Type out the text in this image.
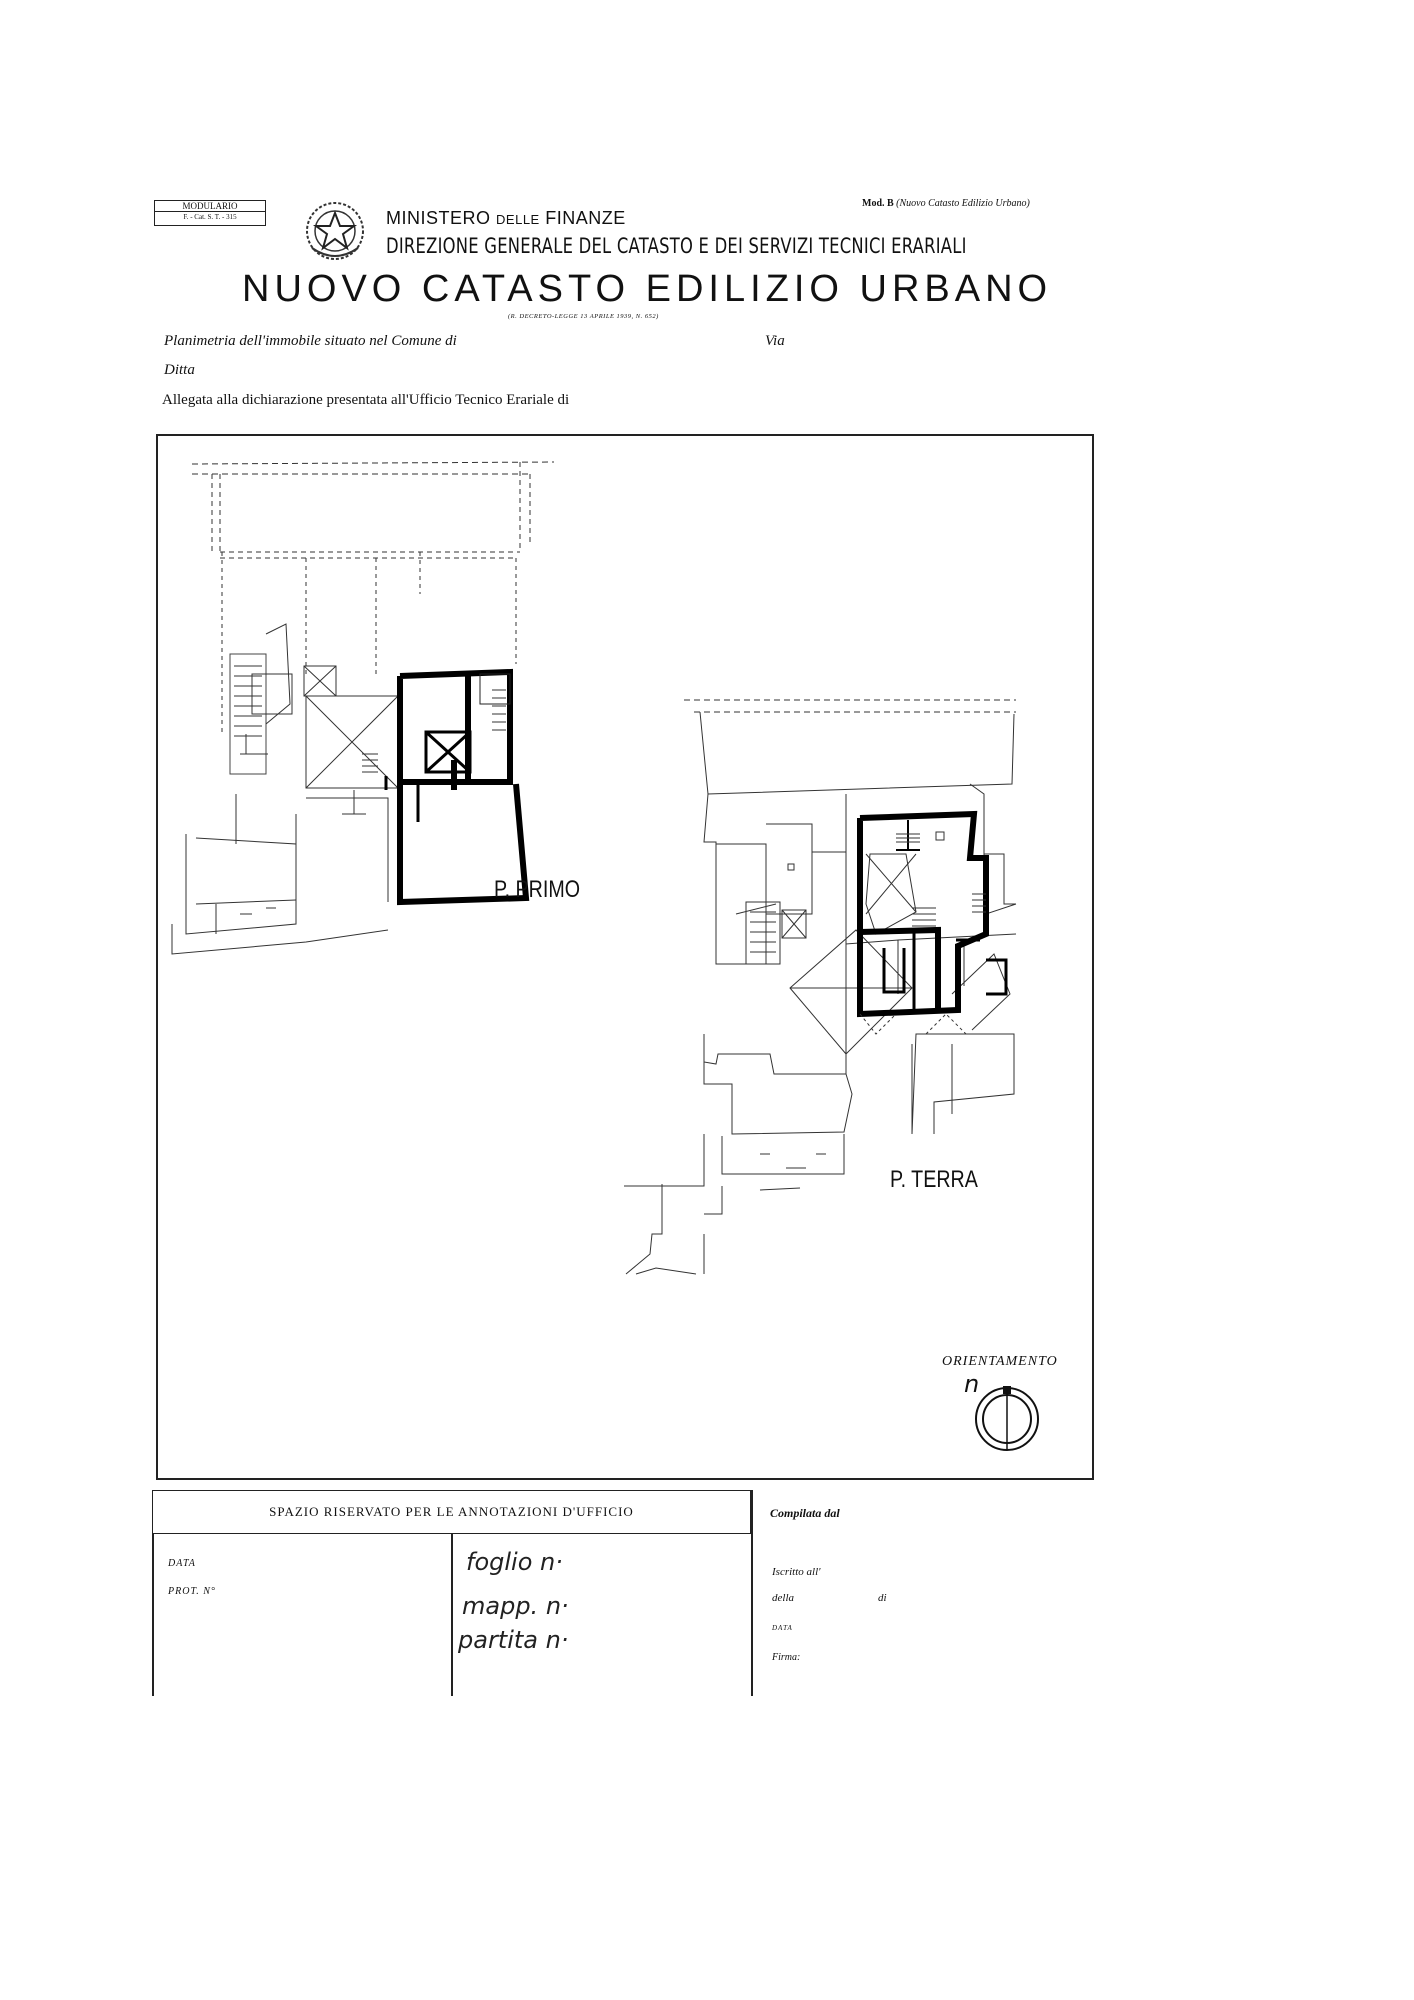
MODULARIO
F. - Cat. S. T. - 315	MINISTERO DELLE FINANZE
Mod. B (Nuovo Catasto Edilizio Urbano)
DIREZIONE GENERALE DEL CATASTO E DEI SERVIZI TECNICI ERARIALI
NUOVO CATASTO EDILIZIO URBANO
(R. DECRETO-LEGGE 13 APRILE 1939, N. 652)
Planimetria dell'immobile situato nel Comune di	Via
Ditta
Allegata alla dichiarazione presentata all'Ufficio Tecnico Erariale di
P. PRIMO
P. TERRA
ORIENTAMENTO
n
SPAZIO RISERVATO PER LE ANNOTAZIONI D'UFFICIO
DATA
PROT. N°
foglio n·
mapp. n·
partita n·
Compilata dal
Iscritto all'
della	di
DATA
Firma:
